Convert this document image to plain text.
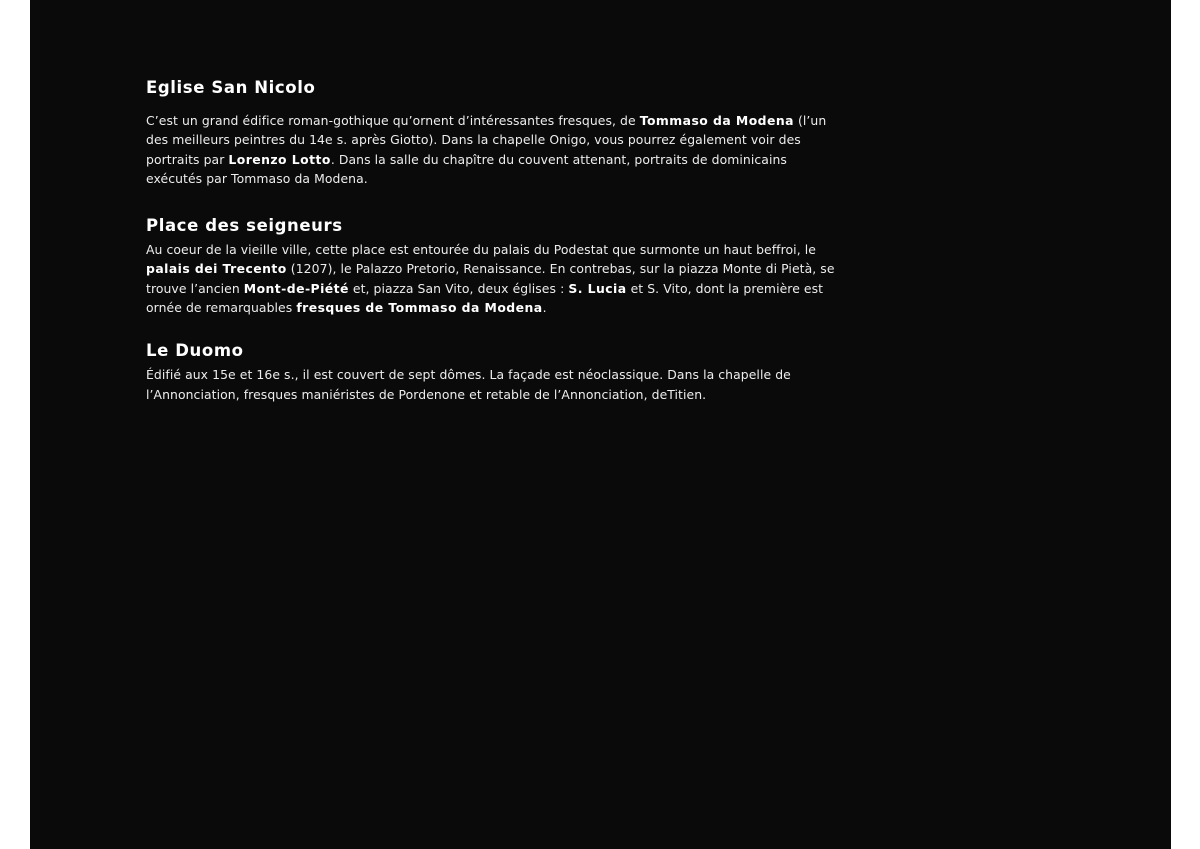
Eglise San Nicolo

C’est un grand édifice roman-gothique qu’ornent d’intéressantes fresques, de Tommaso da Modena (l’un des meilleurs peintres du 14e s. après Giotto). Dans la chapelle Onigo, vous pourrez également voir des portraits par Lorenzo Lotto. Dans la salle du chapître du couvent attenant, portraits de dominicains exécutés par Tommaso da Modena.

Place des seigneurs

Au coeur de la vieille ville, cette place est entourée du palais du Podestat que surmonte un haut beffroi, le palais dei Trecento (1207), le Palazzo Pretorio, Renaissance. En contrebas, sur la piazza Monte di Pietà, se trouve l’ancien Mont-de-Piété et, piazza San Vito, deux églises : S. Lucia et S. Vito, dont la première est ornée de remarquables fresques de Tommaso da Modena.

Le Duomo

Édifié aux 15e et 16e s., il est couvert de sept dômes. La façade est néoclassique. Dans la chapelle de l’Annonciation, fresques maniéristes de Pordenone et retable de l’Annonciation, deTitien.
